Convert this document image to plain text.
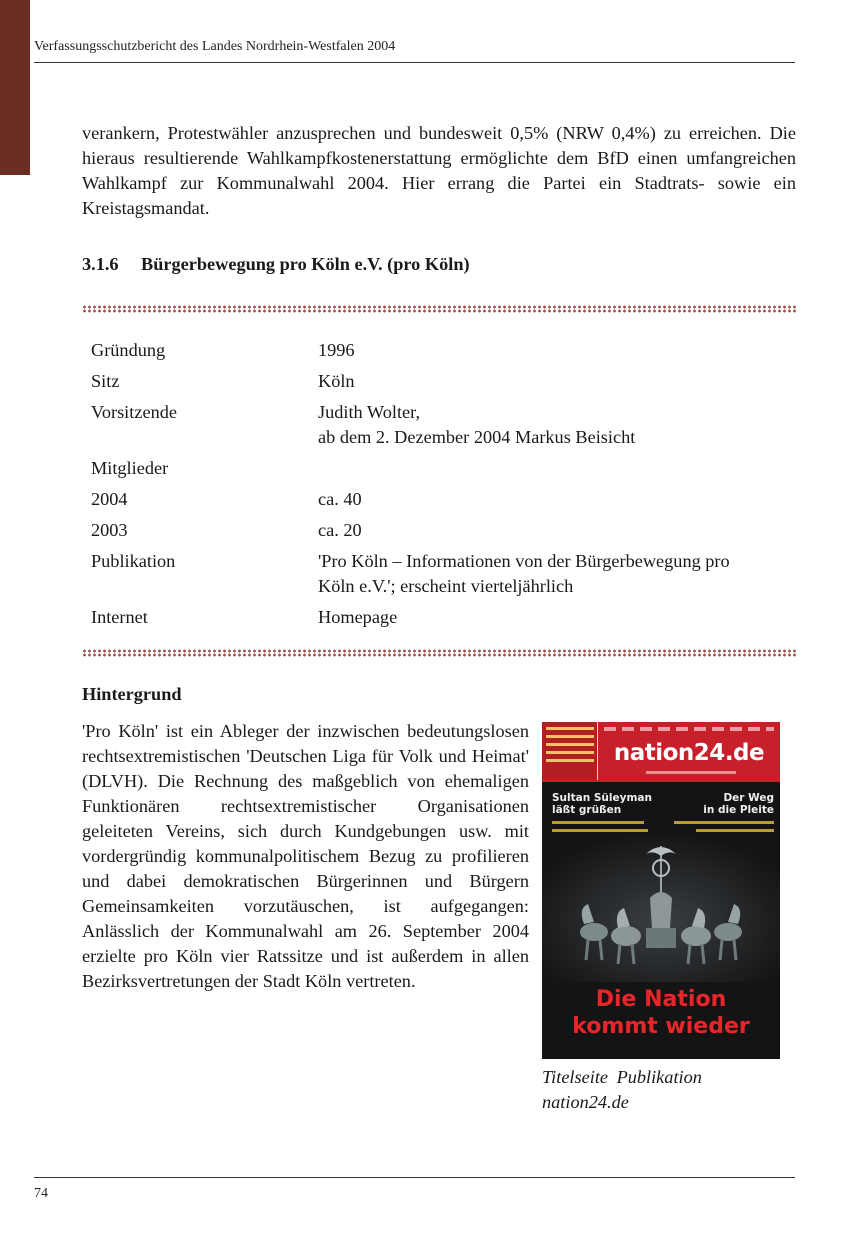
Verfassungsschutzbericht des Landes Nordrhein-Westfalen 2004

verankern, Protestwähler anzusprechen und bundesweit 0,5% (NRW 0,4%) zu erreichen. Die hieraus resultierende Wahlkampfkostenerstattung ermöglichte dem BfD einen umfangreichen Wahlkampf zur Kommunalwahl 2004. Hier errang die Partei ein Stadtrats- sowie ein Kreistagsmandat.

3.1.6 Bürgerbewegung pro Köln e.V. (pro Köln)
Gründung	1996
Sitz	Köln
Vorsitzende	Judith Wolter,
ab dem 2. Dezember 2004 Markus Beisicht
Mitglieder
2004	ca. 40
2003	ca. 20
Publikation	'Pro Köln – Informationen von der Bürgerbewegung pro
Köln e.V.'; erscheint vierteljährlich
Internet	Homepage
Hintergrund

'Pro Köln' ist ein Ableger der inzwischen bedeutungslosen rechtsextremistischen 'Deutschen Liga für Volk und Heimat' (DLVH). Die Rechnung des maßgeblich von ehemaligen Funktionären rechtsextremistischer Organisationen geleiteten Vereins, sich durch Kundgebungen usw. mit vordergründig kommunalpolitischem Bezug zu profilieren und dabei demokratischen Bürgerinnen und Bürgern Gemeinsamkeiten vorzutäuschen, ist aufgegangen: Anlässlich der Kommunalwahl am 26. September 2004 erzielte pro Köln vier Ratssitze und ist außerdem in allen Bezirksvertretungen der Stadt Köln vertreten.

nation24.de
Sultan Süleyman
läßt grüßen
Der Weg
in die Pleite
Die Nation
kommt wieder
Titelseite Publikation
nation24.de
74
